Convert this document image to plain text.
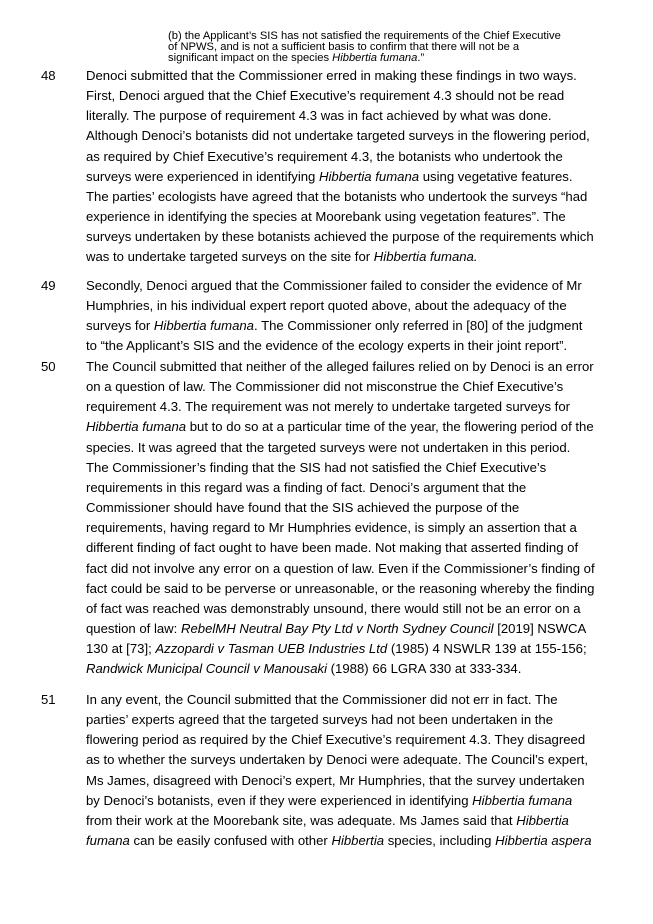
(b) the Applicant’s SIS has not satisfied the requirements of the Chief Executive

of NPWS, and is not a sufficient basis to confirm that there will not be a

significant impact on the species Hibbertia fumana.”

48	Denoci submitted that the Commissioner erred in making these findings in two ways.
First, Denoci argued that the Chief Executive’s requirement 4.3 should not be read
literally. The purpose of requirement 4.3 was in fact achieved by what was done.
Although Denoci’s botanists did not undertake targeted surveys in the flowering period,
as required by Chief Executive’s requirement 4.3, the botanists who undertook the
surveys were experienced in identifying Hibbertia fumana using vegetative features.
The parties’ ecologists have agreed that the botanists who undertook the surveys “had
experience in identifying the species at Moorebank using vegetation features”. The
surveys undertaken by these botanists achieved the purpose of the requirements which
was to undertake targeted surveys on the site for Hibbertia fumana.
49	Secondly, Denoci argued that the Commissioner failed to consider the evidence of Mr
Humphries, in his individual expert report quoted above, about the adequacy of the
surveys for Hibbertia fumana. The Commissioner only referred in [80] of the judgment
to “the Applicant’s SIS and the evidence of the ecology experts in their joint report”.
50	The Council submitted that neither of the alleged failures relied on by Denoci is an error
on a question of law. The Commissioner did not misconstrue the Chief Executive’s
requirement 4.3. The requirement was not merely to undertake targeted surveys for
Hibbertia fumana but to do so at a particular time of the year, the flowering period of the
species. It was agreed that the targeted surveys were not undertaken in this period.
The Commissioner’s finding that the SIS had not satisfied the Chief Executive’s
requirements in this regard was a finding of fact. Denoci’s argument that the
Commissioner should have found that the SIS achieved the purpose of the
requirements, having regard to Mr Humphries evidence, is simply an assertion that a
different finding of fact ought to have been made. Not making that asserted finding of
fact did not involve any error on a question of law. Even if the Commissioner’s finding of
fact could be said to be perverse or unreasonable, or the reasoning whereby the finding
of fact was reached was demonstrably unsound, there would still not be an error on a
question of law: RebelMH Neutral Bay Pty Ltd v North Sydney Council [2019] NSWCA
130 at [73]; Azzopardi v Tasman UEB Industries Ltd (1985) 4 NSWLR 139 at 155-156;
Randwick Municipal Council v Manousaki (1988) 66 LGRA 330 at 333-334.
51	In any event, the Council submitted that the Commissioner did not err in fact. The
parties’ experts agreed that the targeted surveys had not been undertaken in the
flowering period as required by the Chief Executive’s requirement 4.3. They disagreed
as to whether the surveys undertaken by Denoci were adequate. The Council’s expert,
Ms James, disagreed with Denoci’s expert, Mr Humphries, that the survey undertaken
by Denoci’s botanists, even if they were experienced in identifying Hibbertia fumana
from their work at the Moorebank site, was adequate. Ms James said that Hibbertia
fumana can be easily confused with other Hibbertia species, including Hibbertia aspera
